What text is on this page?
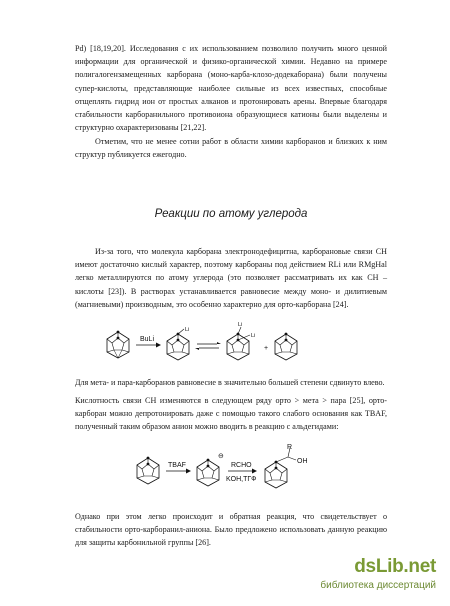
Pd) [18,19,20]. Исследования с их использованием позволило получить много ценной
информации для органической и физико-органической химии. Недавно на примере
полигалогензамещенных карборана (моно-карба-клозо-додекаборана) были получены
супер-кислоты, представляющие наиболее сильные из всех известных, способные
отщеплять гидрид ион от простых алканов и протонировать арены. Впервые благодаря
стабильности карборанильного противоиона образующиеся катионы были выделены и
структурно охарактеризованы [21,22].
Отметим, что не менее сотни работ в области химии карборанов и близких к ним
структур публикуется ежегодно.
Реакции по атому углерода
Из-за того, что молекула карборана электронодефицитна, карборановые связи CH
имеют достаточно кислый характер, поэтому карбораны под действием RLi или RMgHal
легко металлируются по атому углерода (это позволяет рассматривать их как CH –
кислоты [23]). В растворах устанавливается равновесие между моно- и дилитиевым
(магниевыми) производным, это особенно характерно для орто-карборана [24].
BuLi
Li
Li
Li
+
Для мета- и пара-карборанов равновесие в значительно большей степени сдвинуто влево.
Кислотность связи CH изменяются в следующем ряду орто > мета > пара [25], орто-
карборан можно депротонировать даже с помощью такого слабого основания как TBAF,
полученный таким образом анион можно вводить в реакцию с альдегидами:
TBAF
⊖
RCHO
KOH,ТГФ
R
OH
Однако при этом легко происходит и обратная реакция, что свидетельствует о
стабильности орто-карборанил-аниона. Было предложено использовать данную реакцию
для защиты карбонильной группы [26].
dsLib.net
библиотека диссертаций
